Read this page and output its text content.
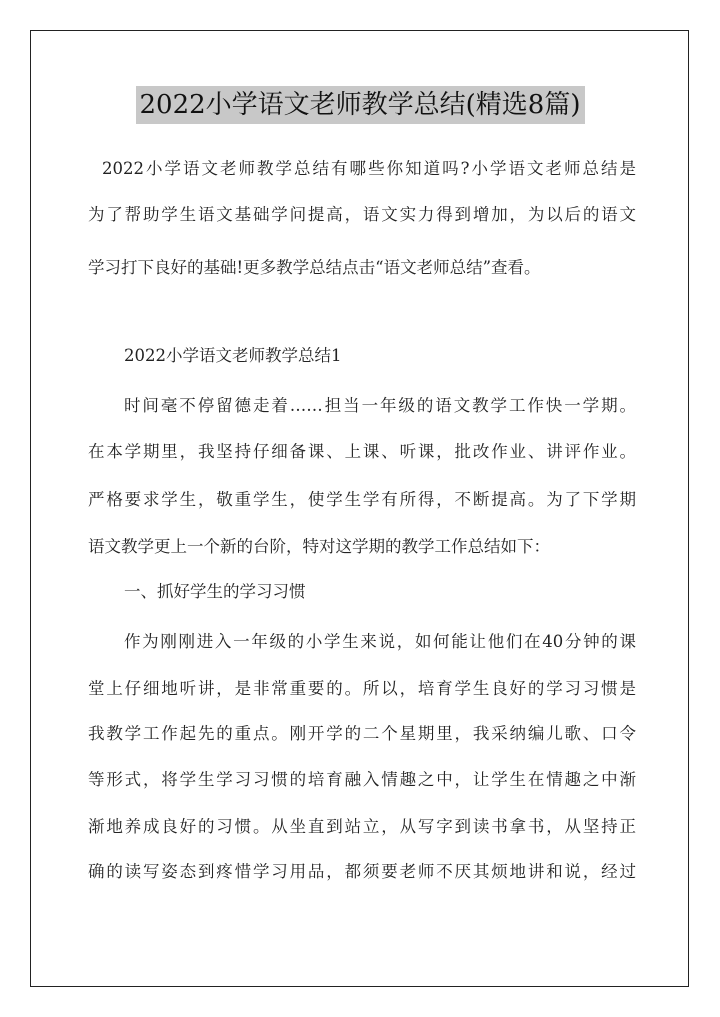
2022小学语文老师教学总结(精选8篇)
2022小学语文老师教学总结有哪些你知道吗?小学语文老师总结是
为了帮助学生语文基础学问提高，语文实力得到增加，为以后的语文
学习打下良好的基础!更多教学总结点击“语文老师总结”查看。
2022小学语文老师教学总结1
时间毫不停留德走着……担当一年级的语文教学工作快一学期。
在本学期里，我坚持仔细备课、上课、听课，批改作业、讲评作业。
严格要求学生，敬重学生，使学生学有所得，不断提高。为了下学期
语文教学更上一个新的台阶，特对这学期的教学工作总结如下：
一、抓好学生的学习习惯
作为刚刚进入一年级的小学生来说，如何能让他们在40分钟的课
堂上仔细地听讲，是非常重要的。所以，培育学生良好的学习习惯是
我教学工作起先的重点。刚开学的二个星期里，我采纳编儿歌、口令
等形式，将学生学习习惯的培育融入情趣之中，让学生在情趣之中渐
渐地养成良好的习惯。从坐直到站立，从写字到读书拿书，从坚持正
确的读写姿态到疼惜学习用品，都须要老师不厌其烦地讲和说，经过
